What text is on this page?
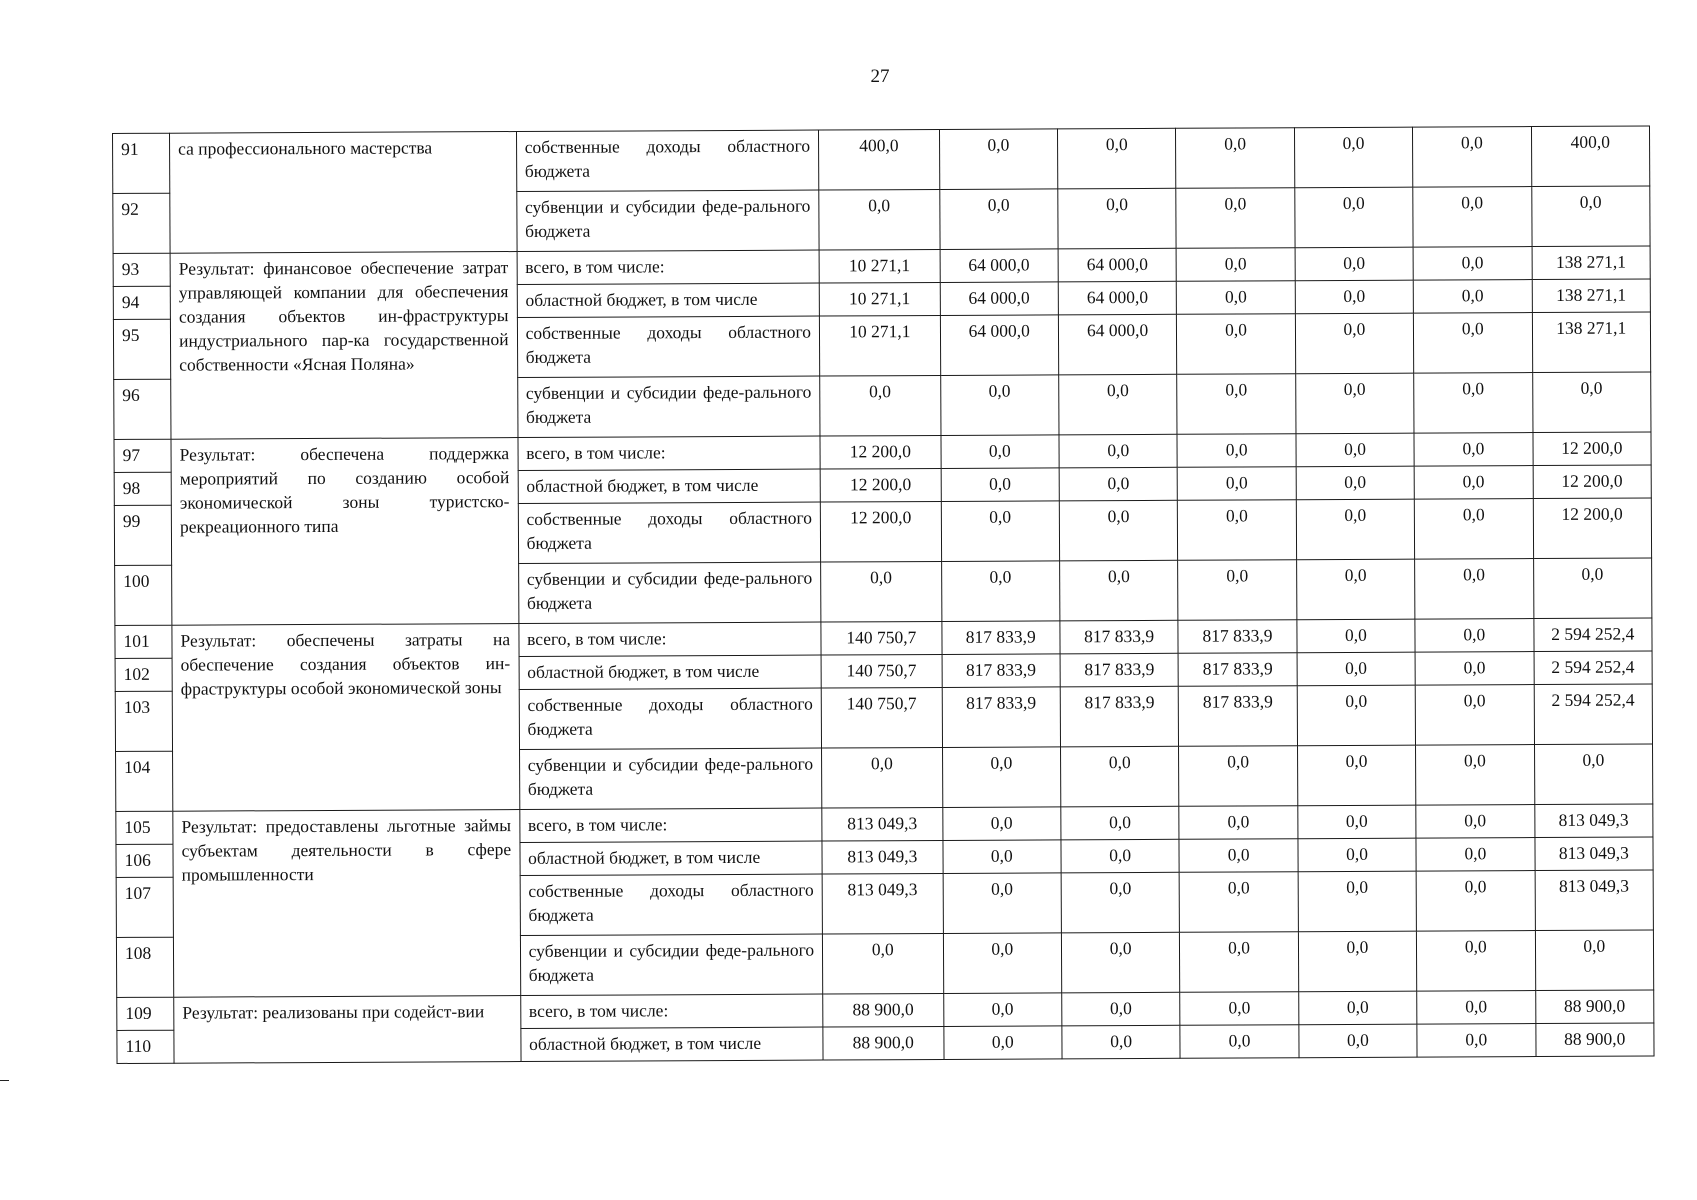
27
91	са профессионального мастерства	собственные доходы областного бюджета	400,0	0,0	0,0	0,0	0,0	0,0	400,0
92		субвенции и субсидии феде-рального бюджета	0,0	0,0	0,0	0,0	0,0	0,0	0,0
93	Результат: финансовое обеспечение затрат управляющей компании для обеспечения создания объектов ин-фраструктуры индустриального пар-ка государственной собственности «Ясная Поляна»	всего, в том числе:	10 271,1	64 000,0	64 000,0	0,0	0,0	0,0	138 271,1
94		областной бюджет, в том числе	10 271,1	64 000,0	64 000,0	0,0	0,0	0,0	138 271,1
95		собственные доходы областного бюджета	10 271,1	64 000,0	64 000,0	0,0	0,0	0,0	138 271,1
96		субвенции и субсидии феде-рального бюджета	0,0	0,0	0,0	0,0	0,0	0,0	0,0
97	Результат: обеспечена поддержка мероприятий по созданию особой экономической зоны туристско-рекреационного типа	всего, в том числе:	12 200,0	0,0	0,0	0,0	0,0	0,0	12 200,0
98		областной бюджет, в том числе	12 200,0	0,0	0,0	0,0	0,0	0,0	12 200,0
99		собственные доходы областного бюджета	12 200,0	0,0	0,0	0,0	0,0	0,0	12 200,0
100		субвенции и субсидии феде-рального бюджета	0,0	0,0	0,0	0,0	0,0	0,0	0,0
101	Результат: обеспечены затраты на обеспечение создания объектов ин-фраструктуры особой экономической зоны	всего, в том числе:	140 750,7	817 833,9	817 833,9	817 833,9	0,0	0,0	2 594 252,4
102		областной бюджет, в том числе	140 750,7	817 833,9	817 833,9	817 833,9	0,0	0,0	2 594 252,4
103		собственные доходы областного бюджета	140 750,7	817 833,9	817 833,9	817 833,9	0,0	0,0	2 594 252,4
104		субвенции и субсидии феде-рального бюджета	0,0	0,0	0,0	0,0	0,0	0,0	0,0
105	Результат: предоставлены льготные займы субъектам деятельности в сфере промышленности	всего, в том числе:	813 049,3	0,0	0,0	0,0	0,0	0,0	813 049,3
106		областной бюджет, в том числе	813 049,3	0,0	0,0	0,0	0,0	0,0	813 049,3
107		собственные доходы областного бюджета	813 049,3	0,0	0,0	0,0	0,0	0,0	813 049,3
108		субвенции и субсидии феде-рального бюджета	0,0	0,0	0,0	0,0	0,0	0,0	0,0
109	Результат: реализованы при содейст-вии	всего, в том числе:	88 900,0	0,0	0,0	0,0	0,0	0,0	88 900,0
110		областной бюджет, в том числе	88 900,0	0,0	0,0	0,0	0,0	0,0	88 900,0
